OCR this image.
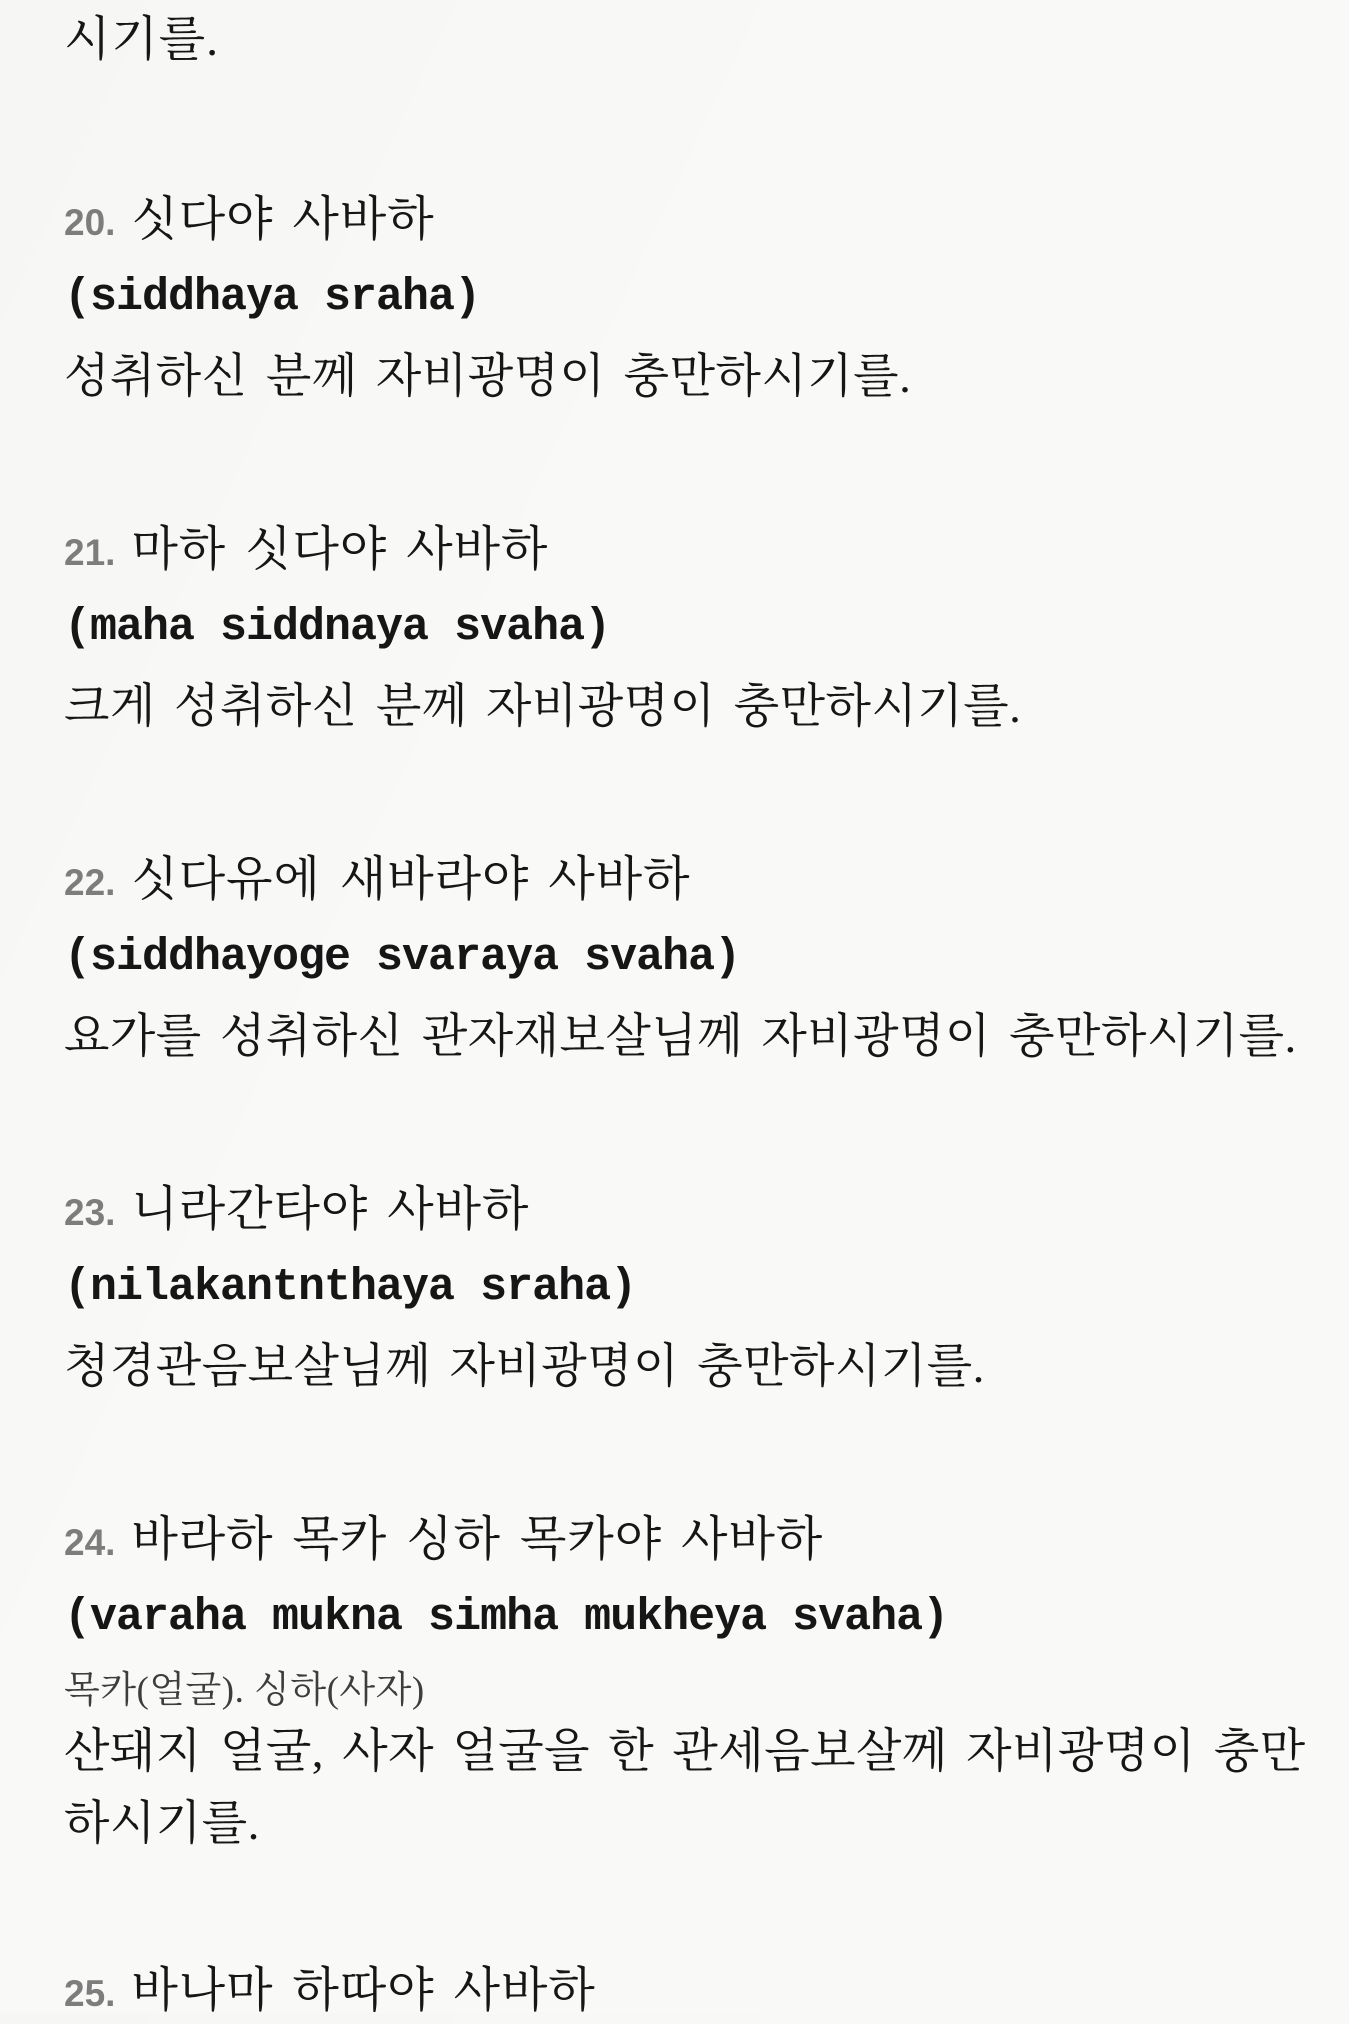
시기를.
20. 싯다야 사바하
(siddhaya sraha)
성취하신 분께 자비광명이 충만하시기를.
21. 마하 싯다야 사바하
(maha siddnaya svaha)
크게 성취하신 분께 자비광명이 충만하시기를.
22. 싯다유에 새바라야 사바하
(siddhayoge svaraya svaha)
요가를 성취하신 관자재보살님께 자비광명이 충만하시기를.
23. 니라간타야 사바하
(nilakantnthaya sraha)
청경관음보살님께 자비광명이 충만하시기를.
24. 바라하 목카 싱하 목카야 사바하
(varaha mukna simha mukheya svaha)
목카(얼굴). 싱하(사자)
산돼지 얼굴, 사자 얼굴을 한 관세음보살께 자비광명이 충만
하시기를.
25. 바나마 하따야 사바하
